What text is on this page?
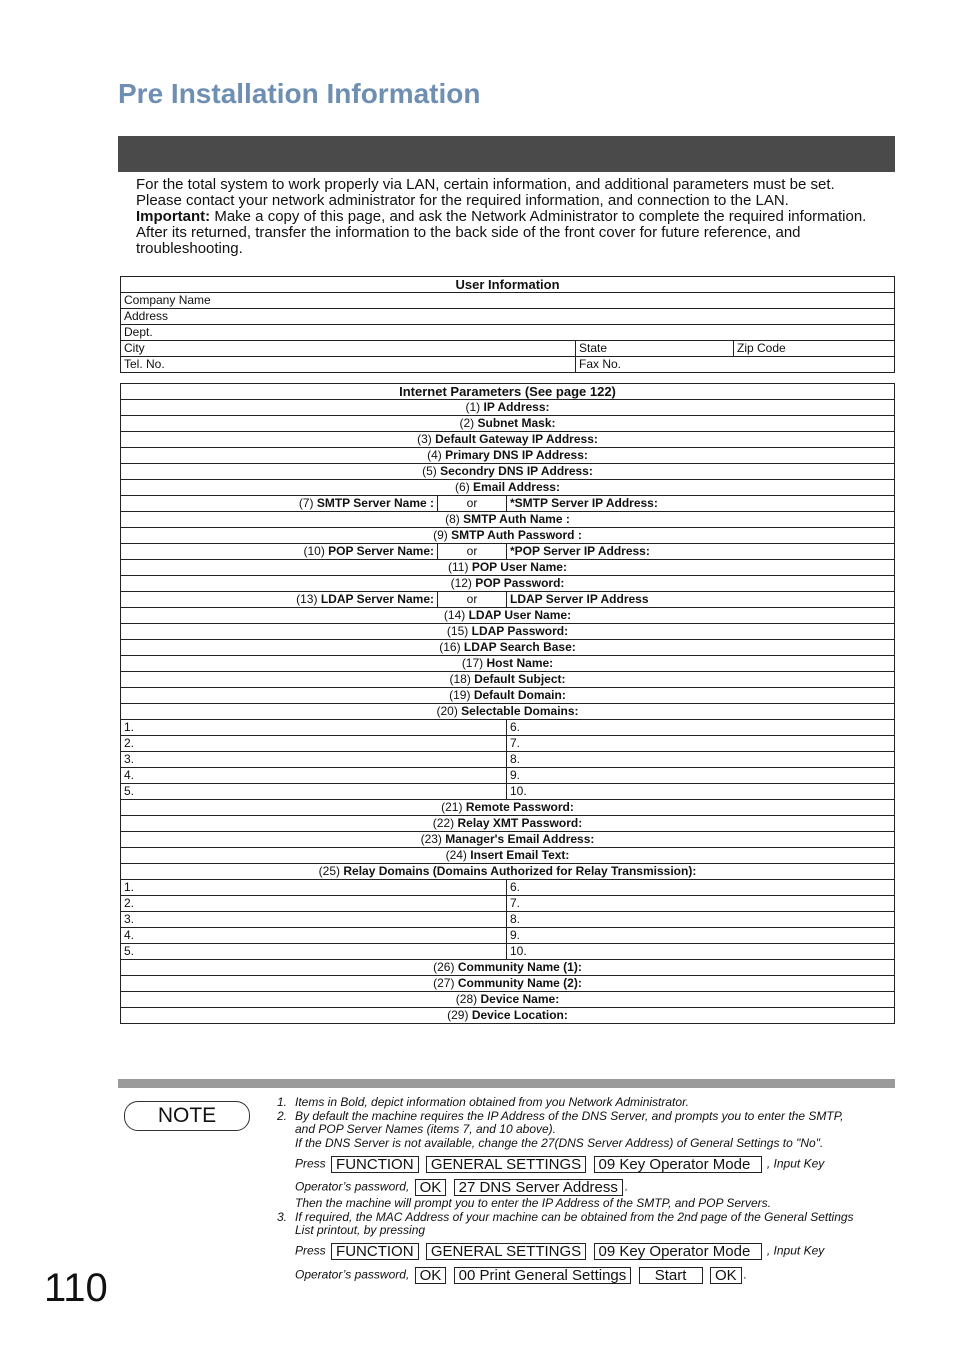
Pre Installation Information

For the total system to work properly via LAN, certain information, and additional parameters must be set.

Please contact your network administrator for the required information, and connection to the LAN.

Important: Make a copy of this page, and ask the Network Administrator to complete the required information. After its returned, transfer the information to the back side of the front cover for future reference, and troubleshooting.

User Information		
Company Name		
Address		
Dept.		
City	State	Zip Code
Tel. No.	Fax No.	
Internet Parameters (See page 122)		
(1) IP Address:		
(2) Subnet Mask:		
(3) Default Gateway IP Address:		
(4) Primary DNS IP Address:		
(5) Secondry DNS IP Address:		
(6) Email Address:		
(7) SMTP Server Name :	or	*SMTP Server IP Address:
(8) SMTP Auth Name :		
(9) SMTP Auth Password :		
(10) POP Server Name:	or	*POP Server IP Address:
(11) POP User Name:		
(12) POP Password:		
(13) LDAP Server Name:	or	LDAP Server IP Address
(14) LDAP User Name:		
(15) LDAP Password:		
(16) LDAP Search Base:		
(17) Host Name:		
(18) Default Subject:		
(19) Default Domain:		
(20) Selectable Domains:		
1.		6.
2.		7.
3.		8.
4.		9.
5.		10.
(21) Remote Password:		
(22) Relay XMT Password:		
(23) Manager's Email Address:		
(24) Insert Email Text:		
(25) Relay Domains (Domains Authorized for Relay Transmission):		
1.		6.
2.		7.
3.		8.
4.		9.
5.		10.
(26) Community Name (1):		
(27) Community Name (2):		
(28) Device Name:		
(29) Device Location:		
NOTE
1. Items in Bold, depict information obtained from you Network Administrator.
2. By default the machine requires the IP Address of the DNS Server, and prompts you to enter the SMTP,
and POP Server Names (items 7, and 10 above).
If the DNS Server is not available, change the 27(DNS Server Address) of General Settings to "No".
Press FUNCTION GENERAL SETTINGS 09 Key Operator Mode , Input Key
Operator’s password, OK 27 DNS Server Address .
Then the machine will prompt you to enter the IP Address of the SMTP, and POP Servers.
3. If required, the MAC Address of your machine can be obtained from the 2nd page of the General Settings
List printout, by pressing
Press FUNCTION GENERAL SETTINGS 09 Key Operator Mode , Input Key
Operator’s password, OK 00 Print General Settings Start OK .
110
